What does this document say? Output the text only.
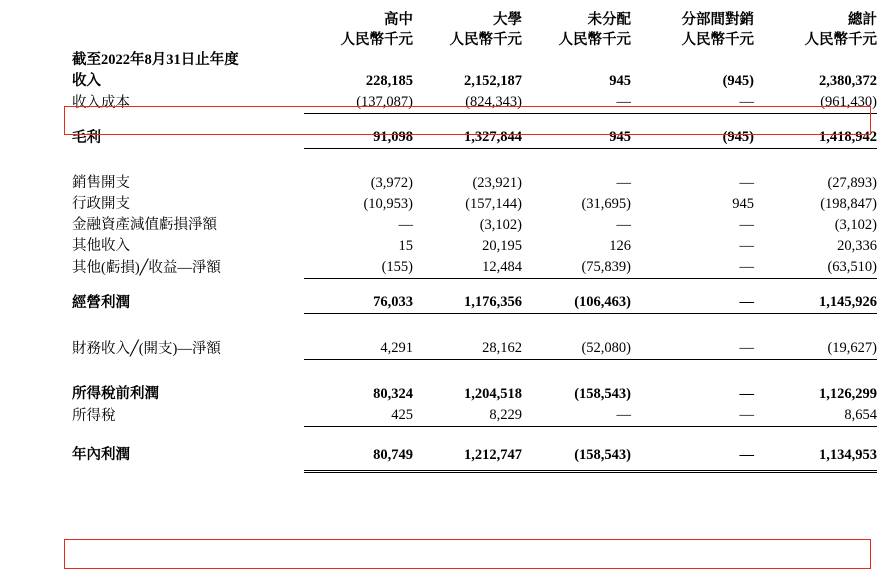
	高中	大學	未分配	分部間對銷	總計
	人民幣千元	人民幣千元	人民幣千元	人民幣千元	人民幣千元
截至2022年8月31日止年度					
收入	228,185	2,152,187	945	(945)	2,380,372
收入成本	(137,087)	(824,343)	—	—	(961,430)

毛利	91,098	1,327,844	945	(945)	1,418,942

銷售開支	(3,972)	(23,921)	—	—	(27,893)
行政開支	(10,953)	(157,144)	(31,695)	945	(198,847)
金融資產減值虧損淨額	—	(3,102)	—	—	(3,102)
其他收入	15	20,195	126	—	20,336
其他(虧損)╱收益—淨額	(155)	12,484	(75,839)	—	(63,510)

經營利潤	76,033	1,176,356	(106,463)	—	1,145,926

財務收入╱(開支)—淨額	4,291	28,162	(52,080)	—	(19,627)

所得稅前利潤	80,324	1,204,518	(158,543)	—	1,126,299
所得稅	425	8,229	—	—	8,654

年內利潤	80,749	1,212,747	(158,543)	—	1,134,953
